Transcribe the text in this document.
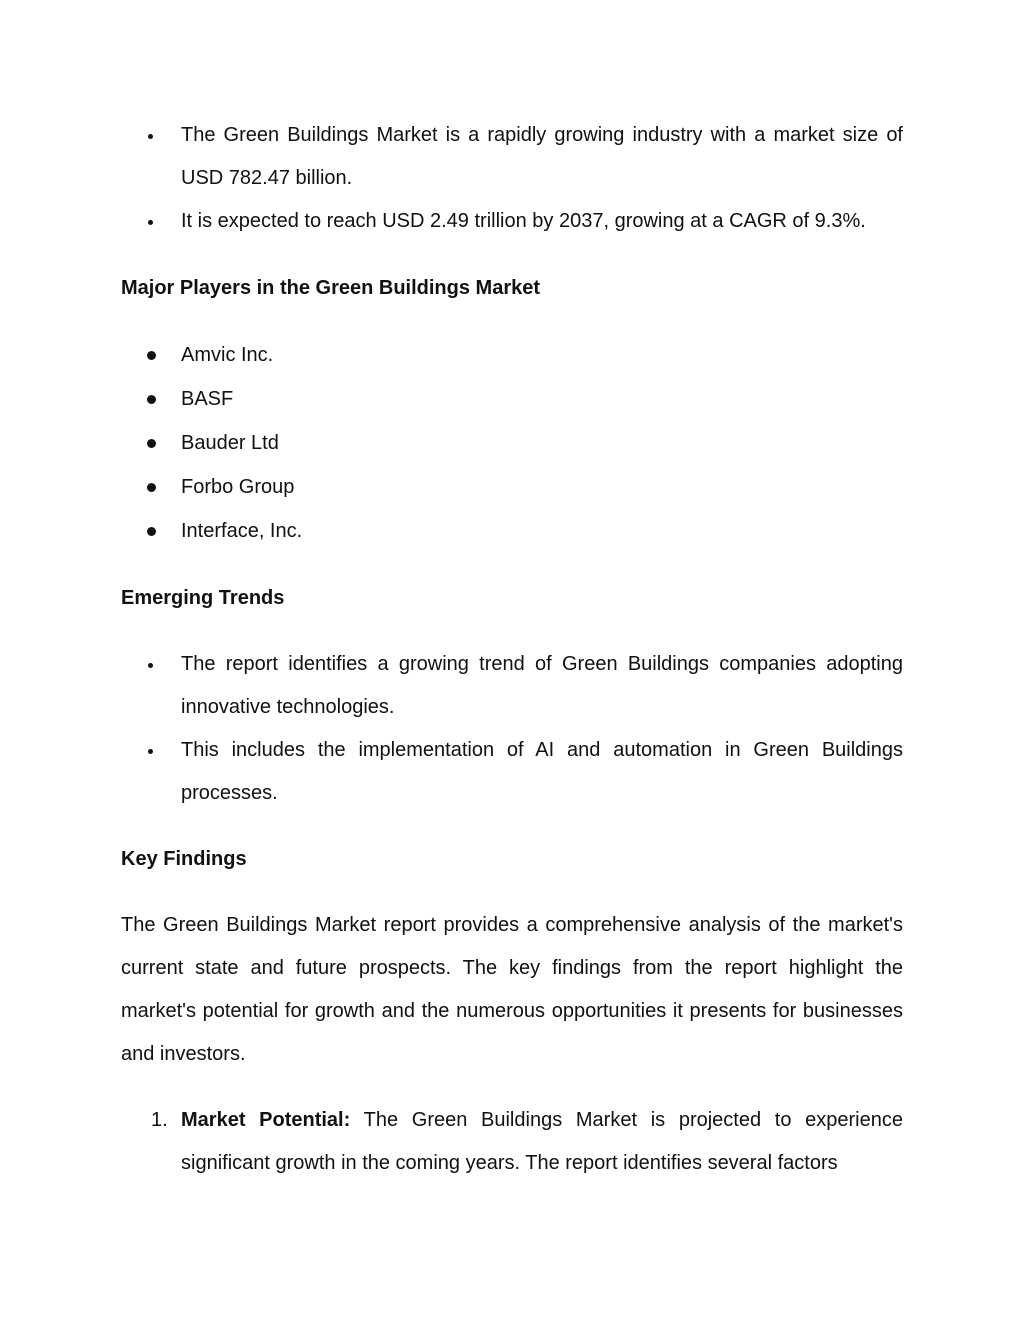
The Green Buildings Market is a rapidly growing industry with a market size of USD 782.47 billion.
It is expected to reach USD 2.49 trillion by 2037, growing at a CAGR of 9.3%.
Major Players in the Green Buildings Market
Amvic Inc.
BASF
Bauder Ltd
Forbo Group
Interface, Inc.
Emerging Trends
The report identifies a growing trend of Green Buildings companies adopting innovative technologies.
This includes the implementation of AI and automation in Green Buildings processes.
Key Findings
The Green Buildings Market report provides a comprehensive analysis of the market's current state and future prospects. The key findings from the report highlight the market's potential for growth and the numerous opportunities it presents for businesses and investors.
1. Market Potential: The Green Buildings Market is projected to experience significant growth in the coming years. The report identifies several factors
